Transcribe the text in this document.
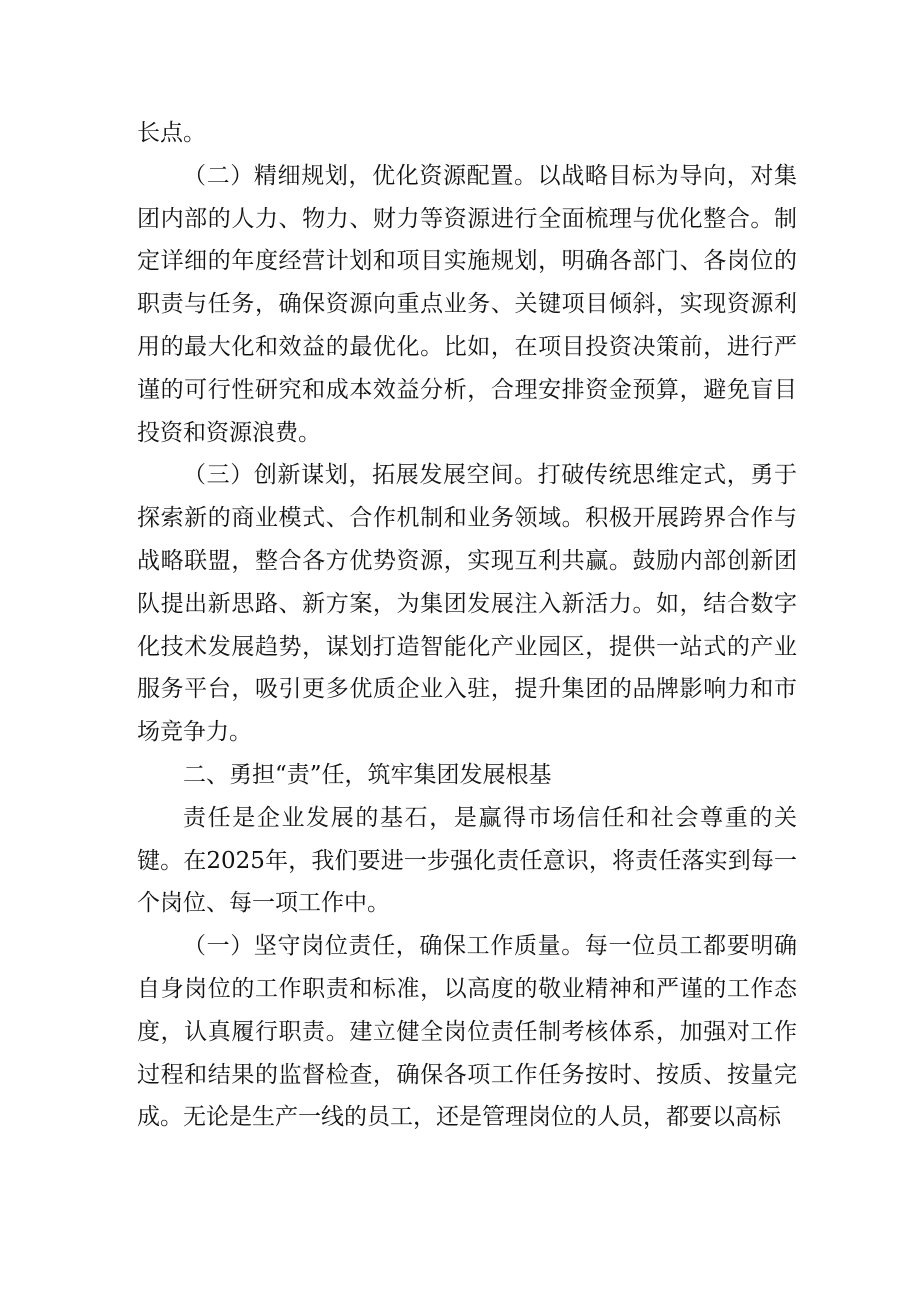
长点。

（二）精细规划，优化资源配置。以战略目标为导向，对集团内部的人力、物力、财力等资源进行全面梳理与优化整合。制定详细的年度经营计划和项目实施规划，明确各部门、各岗位的职责与任务，确保资源向重点业务、关键项目倾斜，实现资源利用的最大化和效益的最优化。比如，在项目投资决策前，进行严谨的可行性研究和成本效益分析，合理安排资金预算，避免盲目投资和资源浪费。

（三）创新谋划，拓展发展空间。打破传统思维定式，勇于探索新的商业模式、合作机制和业务领域。积极开展跨界合作与战略联盟，整合各方优势资源，实现互利共赢。鼓励内部创新团队提出新思路、新方案，为集团发展注入新活力。如，结合数字化技术发展趋势，谋划打造智能化产业园区，提供一站式的产业服务平台，吸引更多优质企业入驻，提升集团的品牌影响力和市场竞争力。

二、勇担“责”任，筑牢集团发展根基

责任是企业发展的基石，是赢得市场信任和社会尊重的关键。在2025年，我们要进一步强化责任意识，将责任落实到每一个岗位、每一项工作中。

（一）坚守岗位责任，确保工作质量。每一位员工都要明确自身岗位的工作职责和标准，以高度的敬业精神和严谨的工作态度，认真履行职责。建立健全岗位责任制考核体系，加强对工作过程和结果的监督检查，确保各项工作任务按时、按质、按量完成。无论是生产一线的员工，还是管理岗位的人员，都要以高标
